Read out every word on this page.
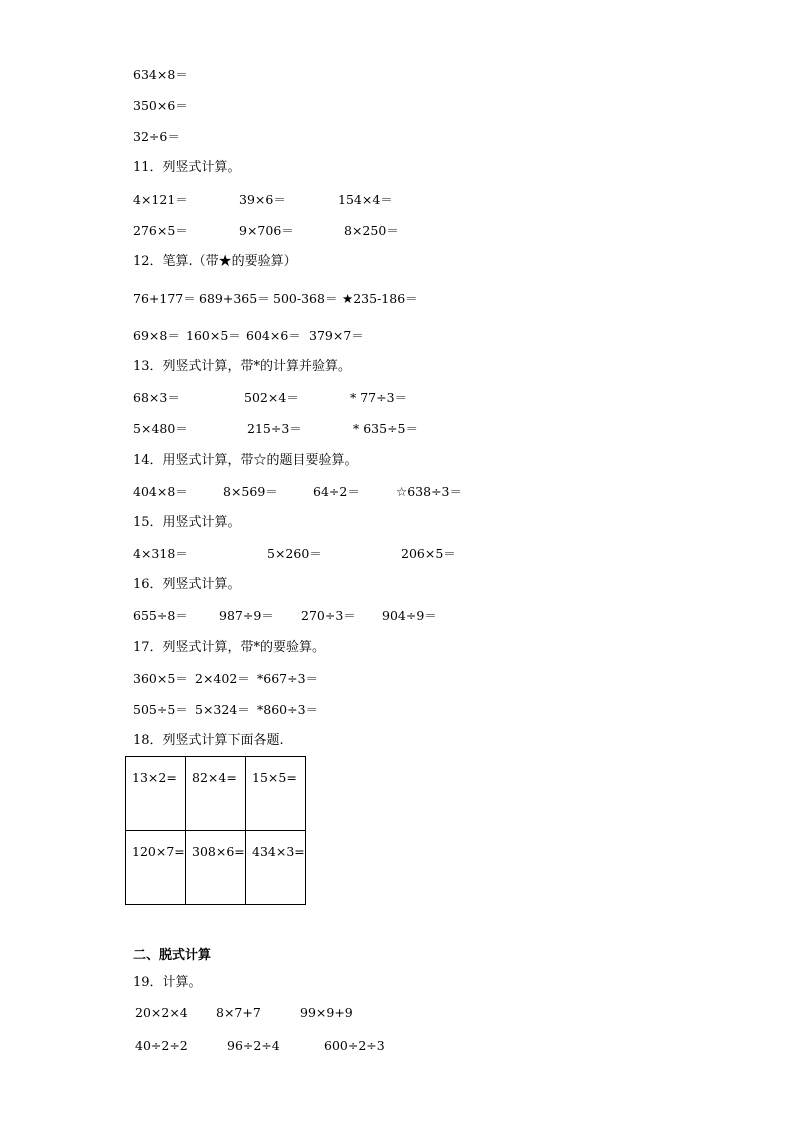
634×8＝
350×6＝
32÷6＝
11．列竖式计算。
4×121＝	39×6＝	154×4＝
276×5＝	9×706＝	8×250＝
12．笔算.（带★的要验算）
76+177＝ 689+365＝ 500-368＝ ★235-186＝
69×8＝ 160×5＝ 604×6＝ 379×7＝
13．列竖式计算，带*的计算并验算。
68×3＝	502×4＝	* 77÷3＝
5×480＝	215÷3＝	* 635÷5＝
14．用竖式计算，带☆的题目要验算。
404×8＝	8×569＝	64÷2＝	☆638÷3＝
15．用竖式计算。
4×318＝	5×260＝	206×5＝
16．列竖式计算。
655÷8＝ 987÷9＝ 270÷3＝ 904÷9＝
17．列竖式计算，带*的要验算。
360×5＝ 2×402＝ *667÷3＝
505÷5＝ 5×324＝ *860÷3＝
18．列竖式计算下面各题.
13×2=	82×4=	15×5=

120×7=	308×6=	434×3=
二、脱式计算
19．计算。
20×2×4 8×7+7	99×9+9
40÷2÷2	96÷2÷4	600÷2÷3
